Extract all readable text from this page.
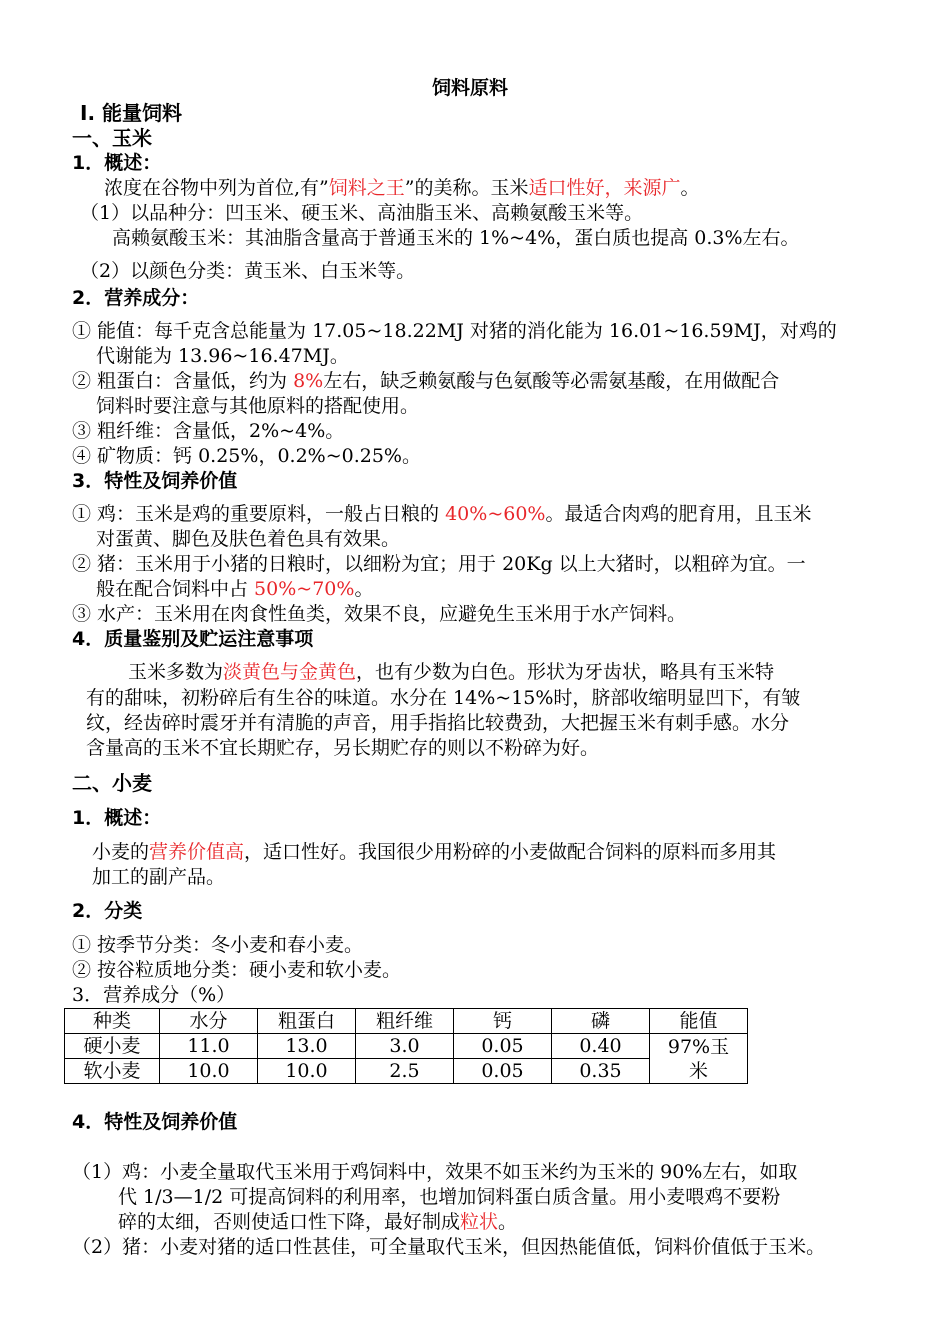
饲料原料
Ⅰ. 能量饲料
一、玉米
1．概述：
浓度在谷物中列为首位,有”饲料之王”的美称。玉米适口性好，来源广。
（1）以品种分：凹玉米、硬玉米、高油脂玉米、高赖氨酸玉米等。
高赖氨酸玉米：其油脂含量高于普通玉米的 1%~4%，蛋白质也提高 0.3%左右。
（2）以颜色分类：黄玉米、白玉米等。
2．营养成分：
① 能值：每千克含总能量为 17.05~18.22MJ 对猪的消化能为 16.01~16.59MJ，对鸡的
代谢能为 13.96~16.47MJ。
② 粗蛋白：含量低，约为 8%左右，缺乏赖氨酸与色氨酸等必需氨基酸，在用做配合
饲料时要注意与其他原料的搭配使用。
③ 粗纤维：含量低，2%~4%。
④ 矿物质：钙 0.25%，0.2%~0.25%。
3．特性及饲养价值
① 鸡：玉米是鸡的重要原料，一般占日粮的 40%~60%。最适合肉鸡的肥育用，且玉米
对蛋黄、脚色及肤色着色具有效果。
② 猪：玉米用于小猪的日粮时，以细粉为宜；用于 20Kg 以上大猪时，以粗碎为宜。一
般在配合饲料中占 50%~70%。
③ 水产：玉米用在肉食性鱼类，效果不良，应避免生玉米用于水产饲料。
4．质量鉴别及贮运注意事项
玉米多数为淡黄色与金黄色，也有少数为白色。形状为牙齿状，略具有玉米特
有的甜味，初粉碎后有生谷的味道。水分在 14%~15%时，脐部收缩明显凹下，有皱
纹，经齿碎时震牙并有清脆的声音，用手指掐比较费劲，大把握玉米有刺手感。水分
含量高的玉米不宜长期贮存，另长期贮存的则以不粉碎为好。
二、小麦
1．概述：
小麦的营养价值高，适口性好。我国很少用粉碎的小麦做配合饲料的原料而多用其
加工的副产品。
2．分类
① 按季节分类：冬小麦和春小麦。
② 按谷粒质地分类：硬小麦和软小麦。
3．营养成分（%）
种类	水分	粗蛋白	粗纤维	钙	磷	能值
硬小麦	11.0	13.0	3.0	0.05	0.40	97%玉米
软小麦	10.0	10.0	2.5	0.05	0.35	
4．特性及饲养价值
（1）鸡：小麦全量取代玉米用于鸡饲料中，效果不如玉米约为玉米的 90%左右，如取
代 1/3—1/2 可提高饲料的利用率，也增加饲料蛋白质含量。用小麦喂鸡不要粉
碎的太细，否则使适口性下降，最好制成粒状。
（2）猪：小麦对猪的适口性甚佳，可全量取代玉米，但因热能值低，饲料价值低于玉米。
